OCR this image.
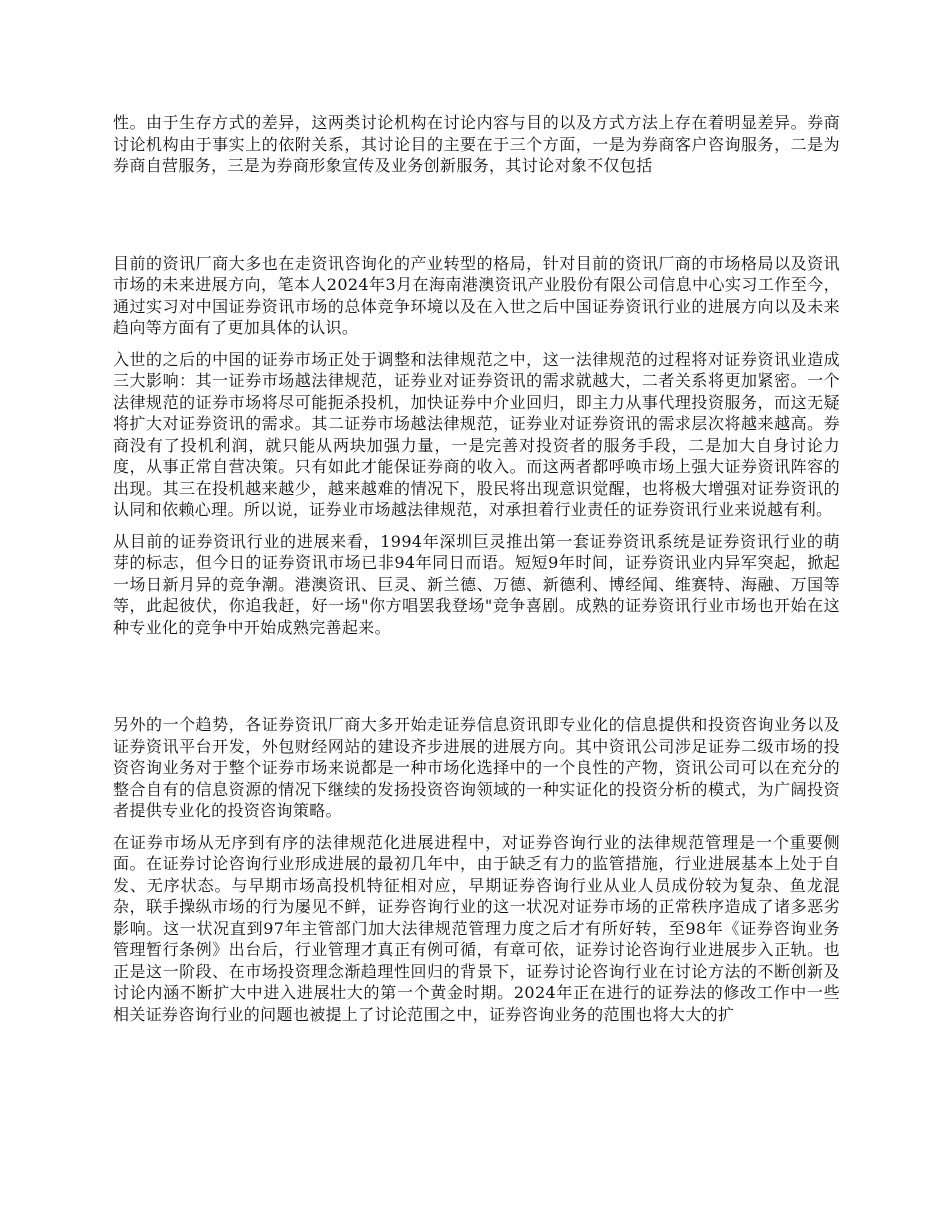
性。由于生存方式的差异，这两类讨论机构在讨论内容与目的以及方式方法上存在着明显差异。券商讨论机构由于事实上的依附关系，其讨论目的主要在于三个方面，一是为券商客户咨询服务，二是为券商自营服务，三是为券商形象宣传及业务创新服务，其讨论对象不仅包括

目前的资讯厂商大多也在走资讯咨询化的产业转型的格局，针对目前的资讯厂商的市场格局以及资讯市场的未来进展方向，笔本人2024年3月在海南港澳资讯产业股份有限公司信息中心实习工作至今，通过实习对中国证券资讯市场的总体竞争环境以及在入世之后中国证券资讯行业的进展方向以及未来趋向等方面有了更加具体的认识。

入世的之后的中国的证券市场正处于调整和法律规范之中，这一法律规范的过程将对证券资讯业造成三大影响：其一证券市场越法律规范，证券业对证券资讯的需求就越大，二者关系将更加紧密。一个法律规范的证券市场将尽可能扼杀投机，加快证券中介业回归，即主力从事代理投资服务，而这无疑将扩大对证券资讯的需求。其二证券市场越法律规范，证券业对证券资讯的需求层次将越来越高。券商没有了投机利润，就只能从两块加强力量，一是完善对投资者的服务手段，二是加大自身讨论力度，从事正常自营决策。只有如此才能保证券商的收入。而这两者都呼唤市场上强大证券资讯阵容的出现。其三在投机越来越少，越来越难的情况下，股民将出现意识觉醒，也将极大增强对证券资讯的认同和依赖心理。所以说，证券业市场越法律规范，对承担着行业责任的证券资讯行业来说越有利。

从目前的证券资讯行业的进展来看，1994年深圳巨灵推出第一套证券资讯系统是证券资讯行业的萌芽的标志，但今日的证券资讯市场已非94年同日而语。短短9年时间，证券资讯业内异军突起，掀起一场日新月异的竞争潮。港澳资讯、巨灵、新兰德、万德、新德利、博经闻、维赛特、海融、万国等等，此起彼伏，你追我赶，好一场"你方唱罢我登场"竞争喜剧。成熟的证券资讯行业市场也开始在这种专业化的竞争中开始成熟完善起来。

另外的一个趋势，各证券资讯厂商大多开始走证券信息资讯即专业化的信息提供和投资咨询业务以及证券资讯平台开发，外包财经网站的建设齐步进展的进展方向。其中资讯公司涉足证券二级市场的投资咨询业务对于整个证券市场来说都是一种市场化选择中的一个良性的产物，资讯公司可以在充分的整合自有的信息资源的情况下继续的发扬投资咨询领域的一种实证化的投资分析的模式，为广阔投资者提供专业化的投资咨询策略。

在证券市场从无序到有序的法律规范化进展进程中，对证券咨询行业的法律规范管理是一个重要侧面。在证券讨论咨询行业形成进展的最初几年中，由于缺乏有力的监管措施，行业进展基本上处于自发、无序状态。与早期市场高投机特征相对应，早期证券咨询行业从业人员成份较为复杂、鱼龙混杂，联手操纵市场的行为屡见不鲜，证券咨询行业的这一状况对证券市场的正常秩序造成了诸多恶劣影响。这一状况直到97年主管部门加大法律规范管理力度之后才有所好转，至98年《证券咨询业务管理暂行条例》出台后，行业管理才真正有例可循，有章可依，证券讨论咨询行业进展步入正轨。也正是这一阶段、在市场投资理念渐趋理性回归的背景下，证券讨论咨询行业在讨论方法的不断创新及讨论内涵不断扩大中进入进展壮大的第一个黄金时期。2024年正在进行的证券法的修改工作中一些相关证券咨询行业的问题也被提上了讨论范围之中，证券咨询业务的范围也将大大的扩
